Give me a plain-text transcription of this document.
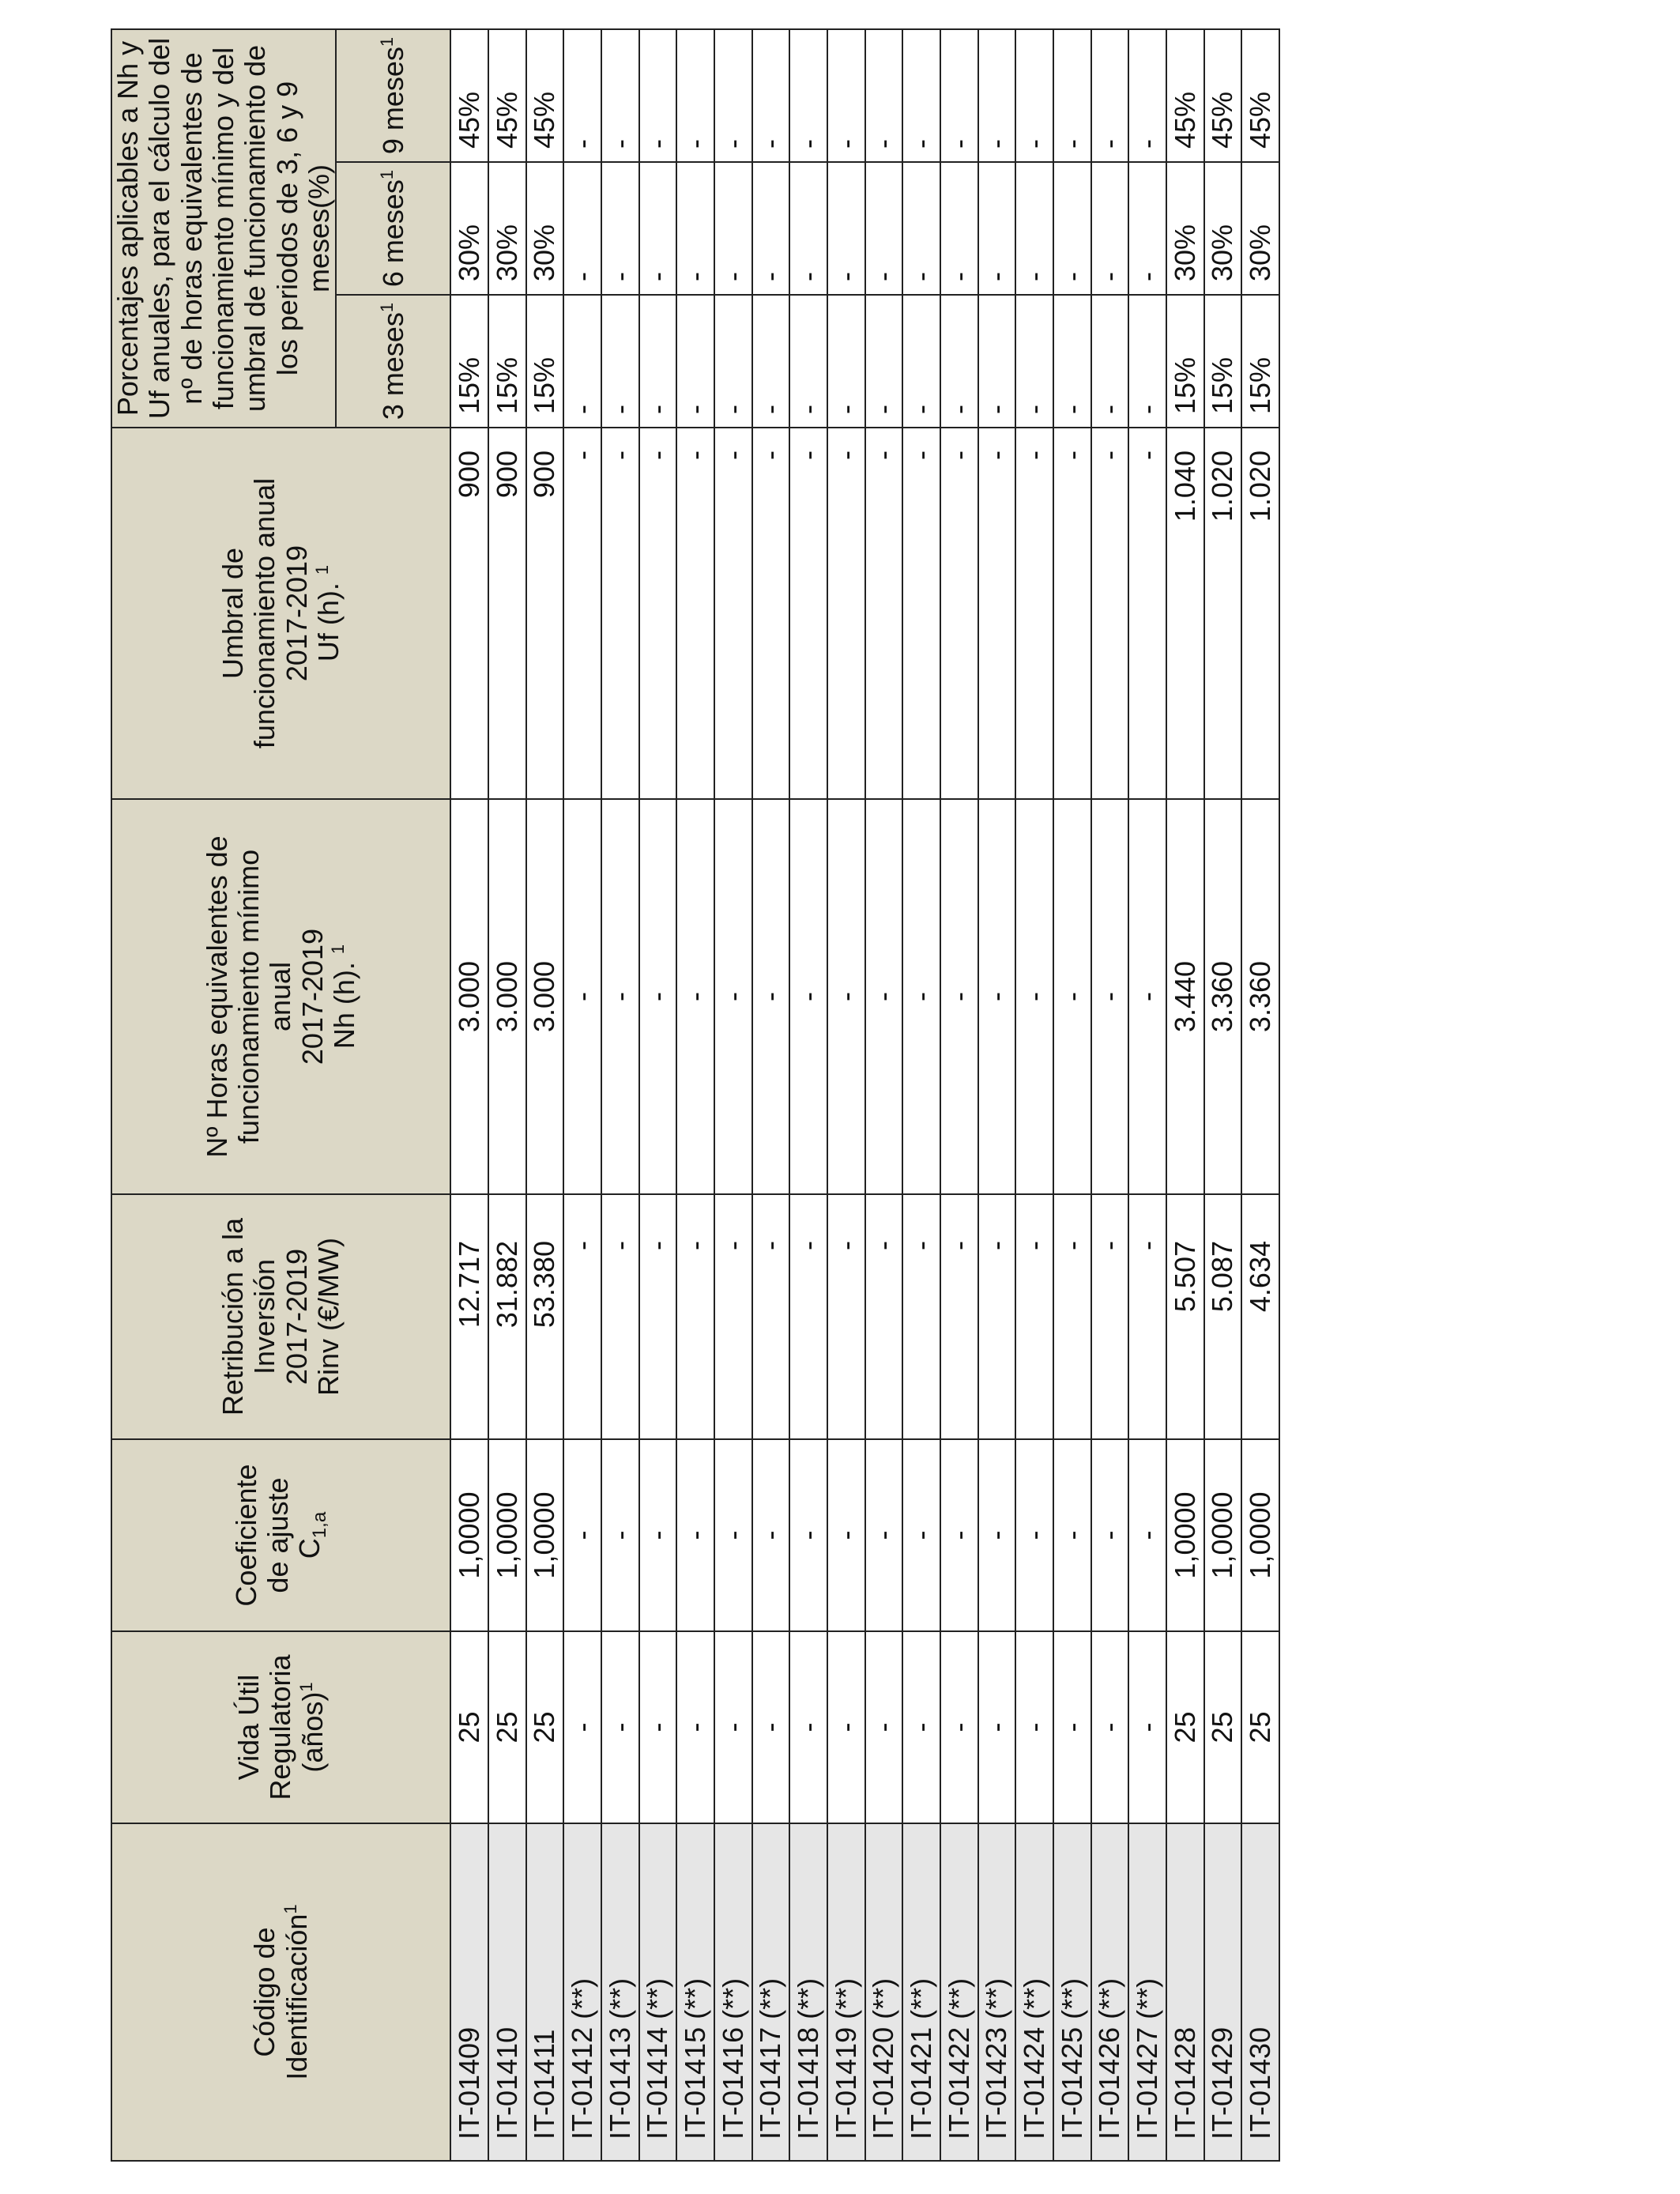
Código de
Identificación$^1$	Vida Útil
Regulatoria
(años)$^1$	Coeficiente
de ajuste
$C_{1,a}$	Retribución a la
Inversión
2017-2019
Rinv (€/MW)	Nº Horas equivalentes de
funcionamiento mínimo
anual
2017-2019
Nh (h). $^1$	Umbral de
funcionamiento anual
2017-2019
Uf (h). $^1$	Porcentajes aplicables a Nh y Uf anuales, para el cálculo del nº de horas equivalentes de funcionamiento mínimo y del umbral de funcionamiento de los periodos de 3, 6 y 9 meses(%)		
						3 meses$^1$	6 meses$^1$	9 meses$^1$
IT-01409	25	1,0000	12.717	3.000	900	15%	30%	45%
IT-01410	25	1,0000	31.882	3.000	900	15%	30%	45%
IT-01411	25	1,0000	53.380	3.000	900	15%	30%	45%
IT-01412 (**)	-	-	-	-	-	-	-	-
IT-01413 (**)	-	-	-	-	-	-	-	-
IT-01414 (**)	-	-	-	-	-	-	-	-
IT-01415 (**)	-	-	-	-	-	-	-	-
IT-01416 (**)	-	-	-	-	-	-	-	-
IT-01417 (**)	-	-	-	-	-	-	-	-
IT-01418 (**)	-	-	-	-	-	-	-	-
IT-01419 (**)	-	-	-	-	-	-	-	-
IT-01420 (**)	-	-	-	-	-	-	-	-
IT-01421 (**)	-	-	-	-	-	-	-	-
IT-01422 (**)	-	-	-	-	-	-	-	-
IT-01423 (**)	-	-	-	-	-	-	-	-
IT-01424 (**)	-	-	-	-	-	-	-	-
IT-01425 (**)	-	-	-	-	-	-	-	-
IT-01426 (**)	-	-	-	-	-	-	-	-
IT-01427 (**)	-	-	-	-	-	-	-	-
IT-01428	25	1,0000	5.507	3.440	1.040	15%	30%	45%
IT-01429	25	1,0000	5.087	3.360	1.020	15%	30%	45%
IT-01430	25	1,0000	4.634	3.360	1.020	15%	30%	45%
